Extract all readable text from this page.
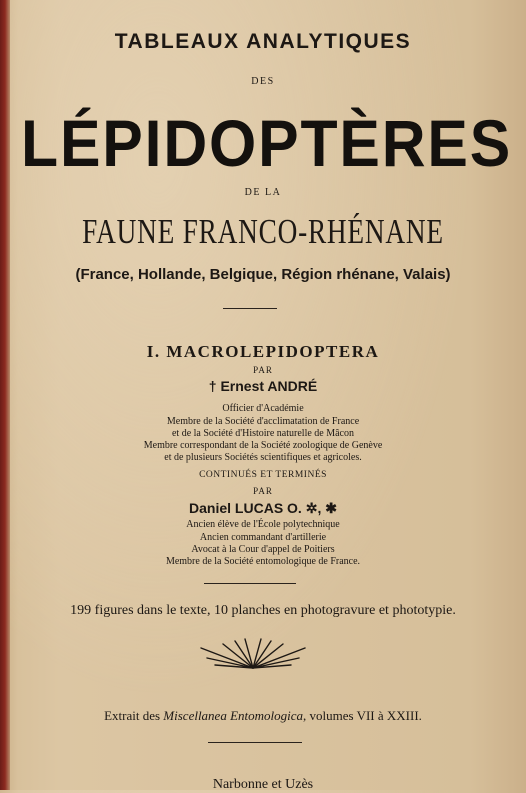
TABLEAUX ANALYTIQUES
DES
LÉPIDOPTÈRES
DE LA
FAUNE FRANCO-RHÉNANE
(France, Hollande, Belgique, Région rhénane, Valais)
I. MACROLEPIDOPTERA
PAR
† Ernest ANDRÉ
Officier d'Académie
Membre de la Société d'acclimatation de France
et de la Société d'Histoire naturelle de Mâcon
Membre correspondant de la Société zoologique de Genève
et de plusieurs Sociétés scientifiques et agricoles.
CONTINUÉS ET TERMINÉS
PAR
Daniel LUCAS O. ✲, ✱
Ancien élève de l'École polytechnique
Ancien commandant d'artillerie
Avocat à la Cour d'appel de Poitiers
Membre de la Société entomologique de France.
199 figures dans le texte, 10 planches en photogravure et phototypie.
Extrait des Miscellanea Entomologica, volumes VII à XXIII.
Narbonne et Uzès
